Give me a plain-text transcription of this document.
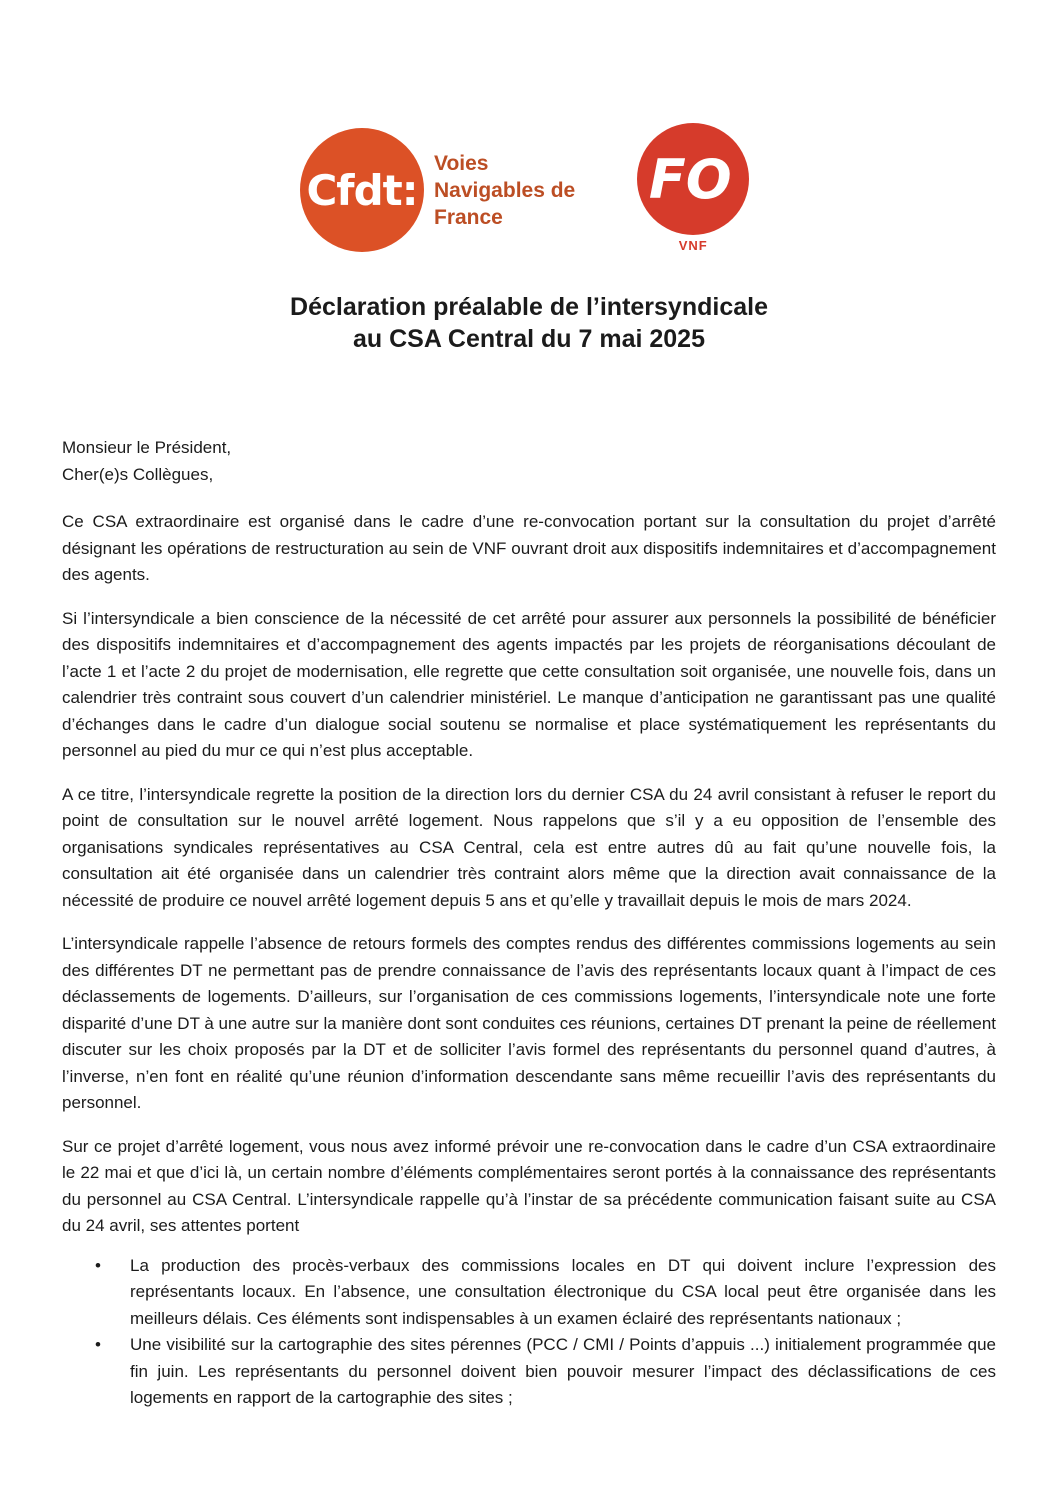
Cfdt:
Voies
Navigables de
France
FO
VNF
Déclaration préalable de l’intersyndicale
au CSA Central du 7 mai 2025
Monsieur le Président,
Cher(e)s Collègues,

Ce CSA extraordinaire est organisé dans le cadre d’une re-convocation portant sur la consultation du projet d’arrêté désignant les opérations de restructuration au sein de VNF ouvrant droit aux dispositifs indemnitaires et d’accompagnement des agents.

Si l’intersyndicale a bien conscience de la nécessité de cet arrêté pour assurer aux personnels la possibilité de bénéficier des dispositifs indemnitaires et d’accompagnement des agents impactés par les projets de réorganisations découlant de l’acte 1 et l’acte 2 du projet de modernisation, elle regrette que cette consultation soit organisée, une nouvelle fois, dans un calendrier très contraint sous couvert d’un calendrier ministériel. Le manque d’anticipation ne garantissant pas une qualité d’échanges dans le cadre d’un dialogue social soutenu se normalise et place systématiquement les représentants du personnel au pied du mur ce qui n’est plus acceptable.

A ce titre, l’intersyndicale regrette la position de la direction lors du dernier CSA du 24 avril consistant à refuser le report du point de consultation sur le nouvel arrêté logement. Nous rappelons que s’il y a eu opposition de l’ensemble des organisations syndicales représentatives au CSA Central, cela est entre autres dû au fait qu’une nouvelle fois, la consultation ait été organisée dans un calendrier très contraint alors même que la direction avait connaissance de la nécessité de produire ce nouvel arrêté logement depuis 5 ans et qu’elle y travaillait depuis le mois de mars 2024.

L’intersyndicale rappelle l’absence de retours formels des comptes rendus des différentes commissions logements au sein des différentes DT ne permettant pas de prendre connaissance de l’avis des représentants locaux quant à l’impact de ces déclassements de logements. D’ailleurs, sur l’organisation de ces commissions logements, l’intersyndicale note une forte disparité d’une DT à une autre sur la manière dont sont conduites ces réunions, certaines DT prenant la peine de réellement discuter sur les choix proposés par la DT et de solliciter l’avis formel des représentants du personnel quand d’autres, à l’inverse, n’en font en réalité qu’une réunion d’information descendante sans même recueillir l’avis des représentants du personnel.

Sur ce projet d’arrêté logement, vous nous avez informé prévoir une re-convocation dans le cadre d’un CSA extraordinaire le 22 mai et que d’ici là, un certain nombre d’éléments complémentaires seront portés à la connaissance des représentants du personnel au CSA Central. L’intersyndicale rappelle qu’à l’instar de sa précédente communication faisant suite au CSA du 24 avril, ses attentes portent

• La production des procès-verbaux des commissions locales en DT qui doivent inclure l’expression des représentants locaux. En l’absence, une consultation électronique du CSA local peut être organisée dans les meilleurs délais. Ces éléments sont indispensables à un examen éclairé des représentants nationaux ;
• Une visibilité sur la cartographie des sites pérennes (PCC / CMI / Points d’appuis ...) initialement programmée que fin juin. Les représentants du personnel doivent bien pouvoir mesurer l’impact des déclassifications de ces logements en rapport de la cartographie des sites ;
